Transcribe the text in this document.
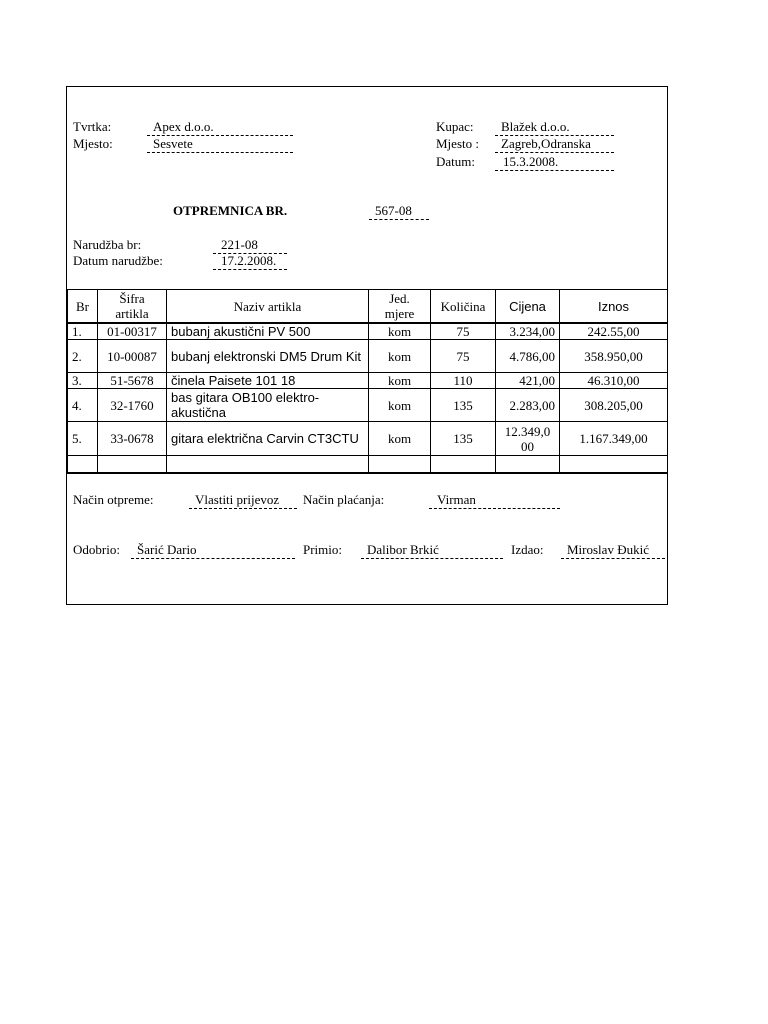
Tvrtka:	Apex d.o.o.
Mjesto:	Sesvete
Kupac:	Blažek d.o.o.
Mjesto :	Zagreb,Odranska
Datum:	15.3.2008.
OTPREMNICA BR.	567-08
Narudžba br:	221-08
Datum narudžbe:	17.2.2008.
Br	Šifra artikla	Naziv artikla	Jed. mjere	Količina	Cijena	Iznos
1.	01-00317	bubanj akustični PV 500	kom	75	3.234,00	242.55,00
2.	10-00087	bubanj elektronski DM5 Drum Kit	kom	75	4.786,00	358.950,00
3.	51-5678	činela Paisete 101 18	kom	110	421,00	46.310,00
4.	32-1760	bas gitara OB100 elektro-akustična	kom	135	2.283,00	308.205,00
5.	33-0678	gitara električna Carvin CT3CTU	kom	135	12.349,0 00	1.167.349,00

Način otpreme:	Vlastiti prijevoz	Način plaćanja:	Virman
Odobrio:	Šarić Dario	Primio:	Dalibor Brkić	Izdao:	Miroslav Đukić
